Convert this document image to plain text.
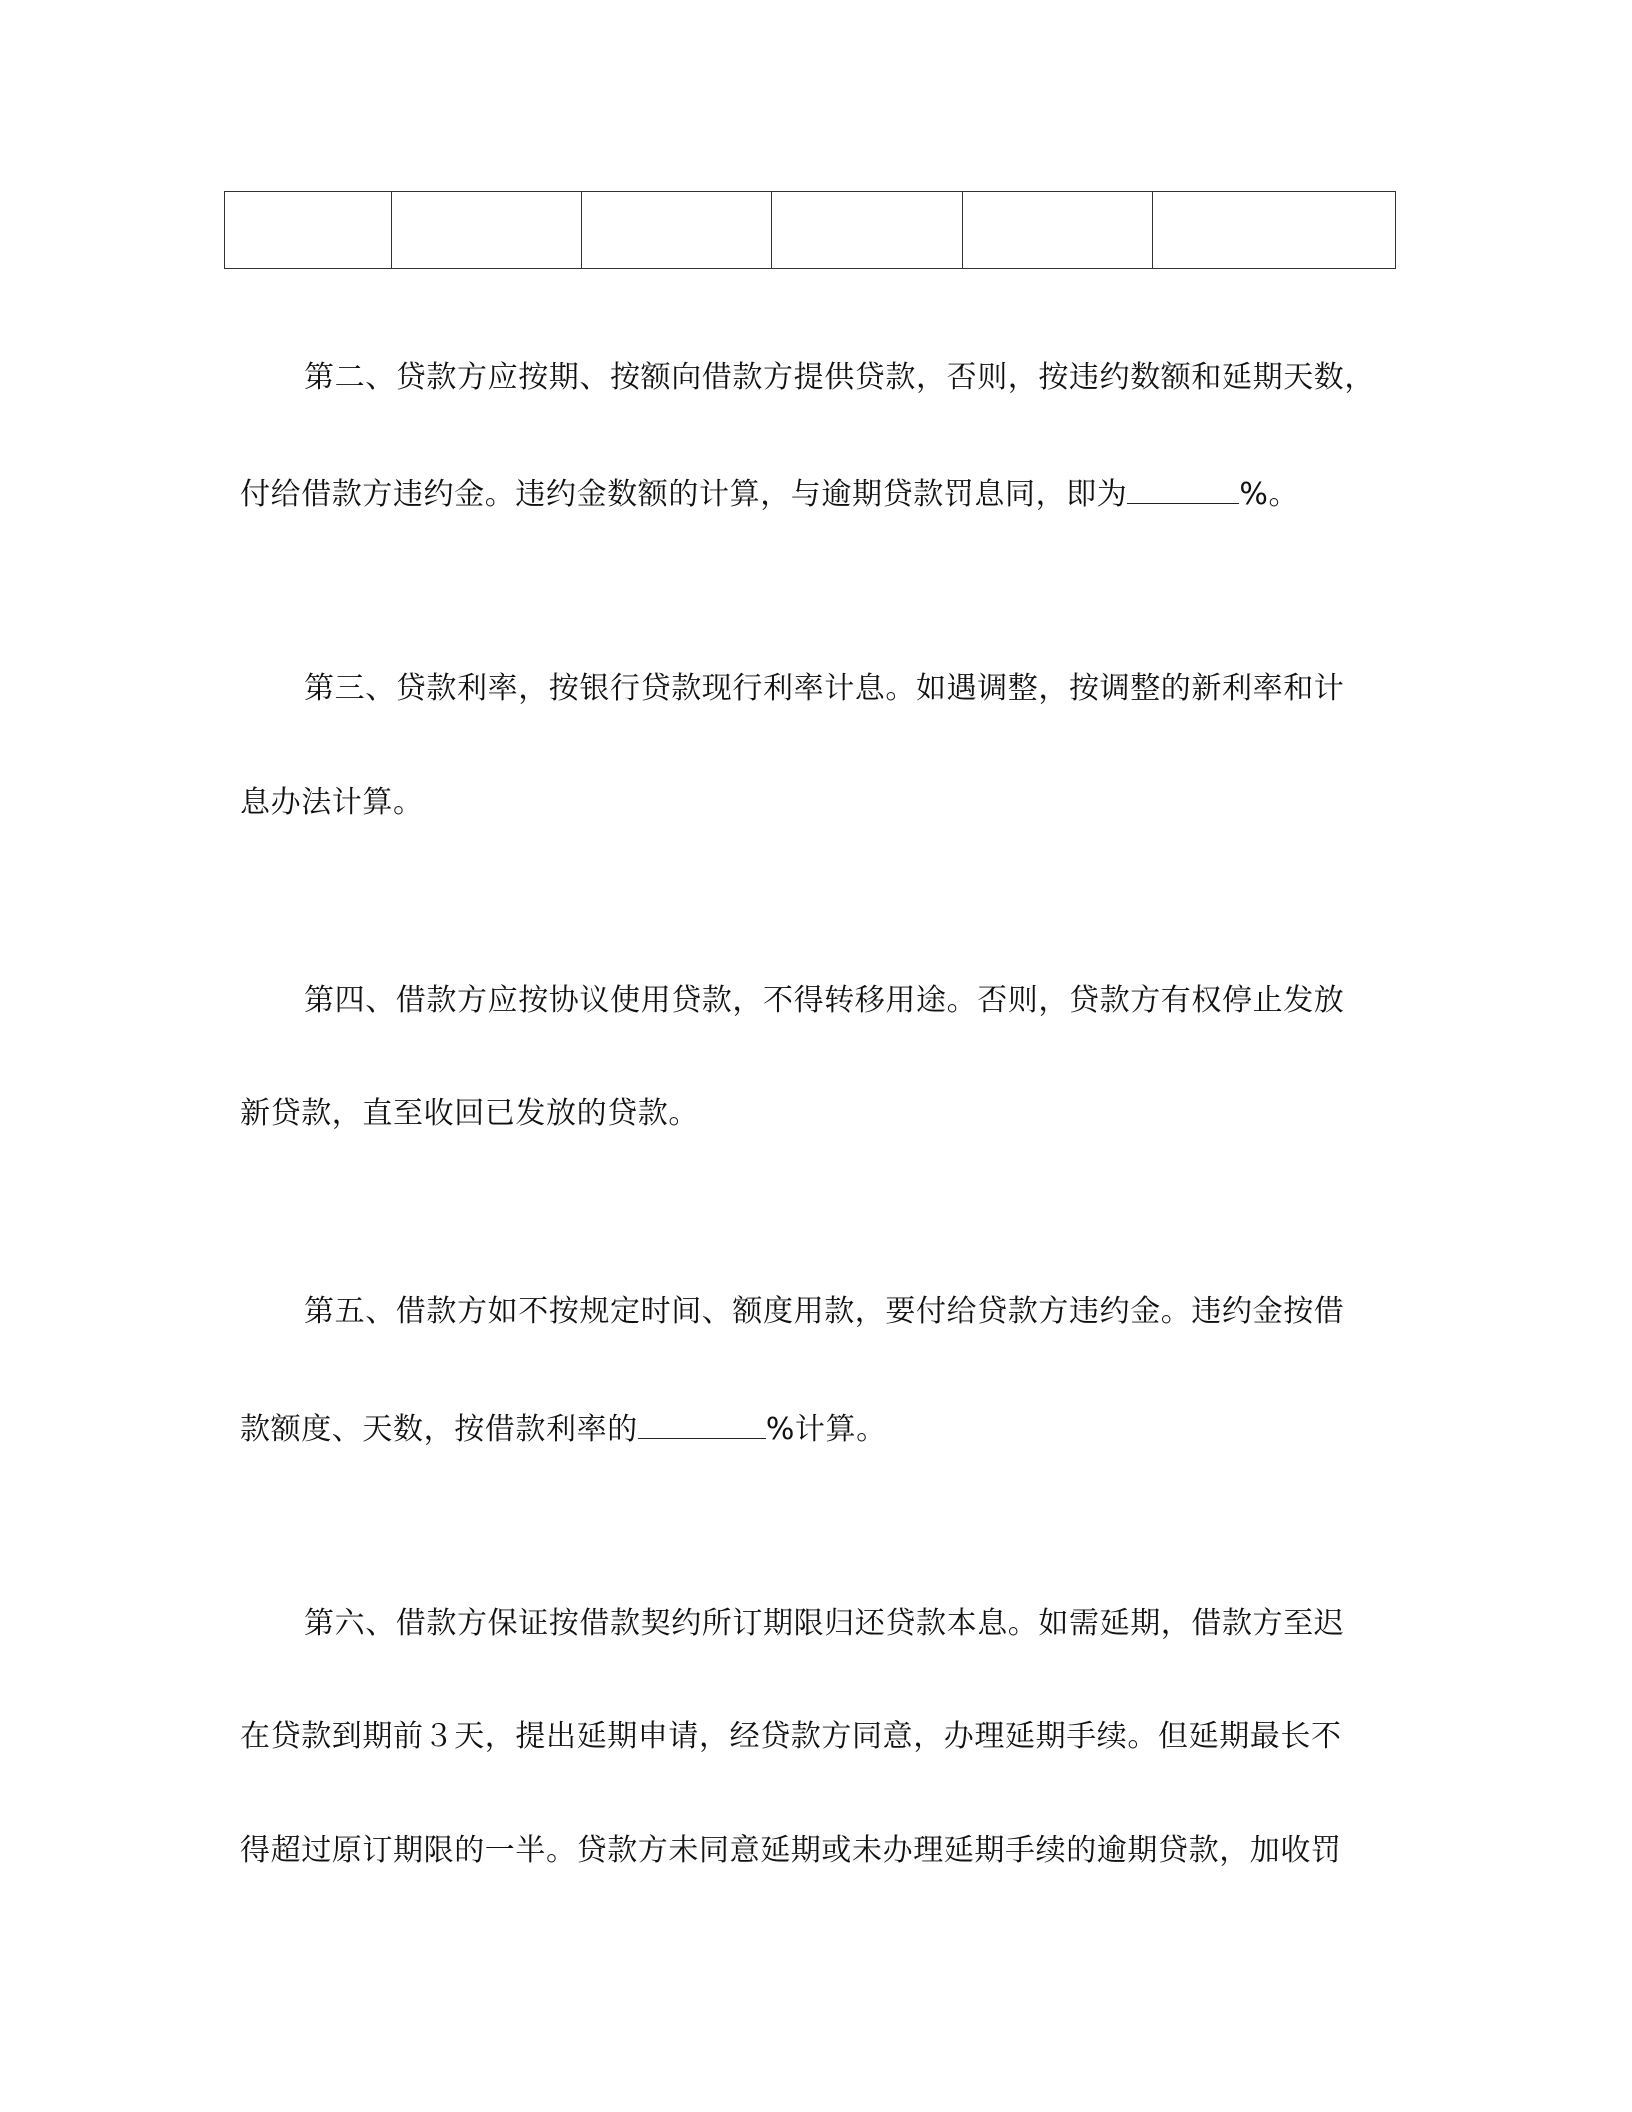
第二、贷款方应按期、按额向借款方提供贷款，否则，按违约数额和延期天数，

付给借款方违约金。违约金数额的计算，与逾期贷款罚息同，即为	%。

第三、贷款利率，按银行贷款现行利率计息。如遇调整，按调整的新利率和计

息办法计算。

第四、借款方应按协议使用贷款，不得转移用途。否则，贷款方有权停止发放

新贷款，直至收回已发放的贷款。

第五、借款方如不按规定时间、额度用款，要付给贷款方违约金。违约金按借

款额度、天数，按借款利率的	%计算。

第六、借款方保证按借款契约所订期限归还贷款本息。如需延期，借款方至迟

在贷款到期前３天，提出延期申请，经贷款方同意，办理延期手续。但延期最长不

得超过原订期限的一半。贷款方未同意延期或未办理延期手续的逾期贷款，加收罚
